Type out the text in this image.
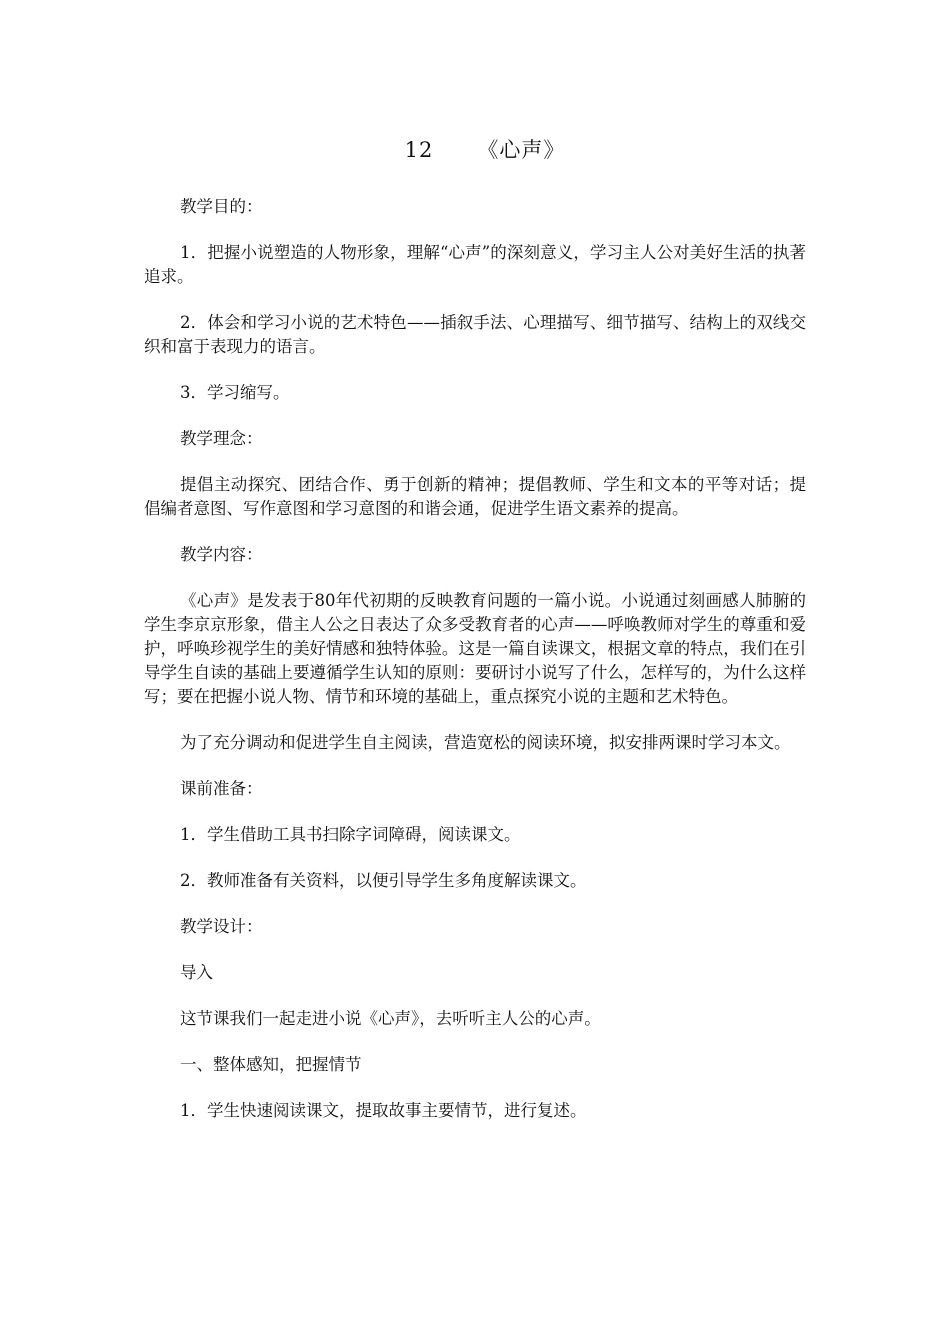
12 《心声》

教学目的：

1．把握小说塑造的人物形象，理解“心声”的深刻意义，学习主人公对美好生活的执著追求。

2．体会和学习小说的艺术特色——插叙手法、心理描写、细节描写、结构上的双线交织和富于表现力的语言。

3．学习缩写。

教学理念：

提倡主动探究、团结合作、勇于创新的精神；提倡教师、学生和文本的平等对话；提倡编者意图、写作意图和学习意图的和谐会通，促进学生语文素养的提高。

教学内容：

《心声》是发表于80年代初期的反映教育问题的一篇小说。小说通过刻画感人肺腑的学生李京京形象，借主人公之日表达了众多受教育者的心声——呼唤教师对学生的尊重和爱护，呼唤珍视学生的美好情感和独特体验。这是一篇自读课文，根据文章的特点，我们在引导学生自读的基础上要遵循学生认知的原则：要研讨小说写了什么，怎样写的，为什么这样写；要在把握小说人物、情节和环境的基础上，重点探究小说的主题和艺术特色。

为了充分调动和促进学生自主阅读，营造宽松的阅读环境，拟安排两课时学习本文。

课前准备：

1．学生借助工具书扫除字词障碍，阅读课文。

2．教师准备有关资料，以便引导学生多角度解读课文。

教学设计：

导入

这节课我们一起走进小说《心声》，去听听主人公的心声。

一、整体感知，把握情节

1．学生快速阅读课文，提取故事主要情节，进行复述。
